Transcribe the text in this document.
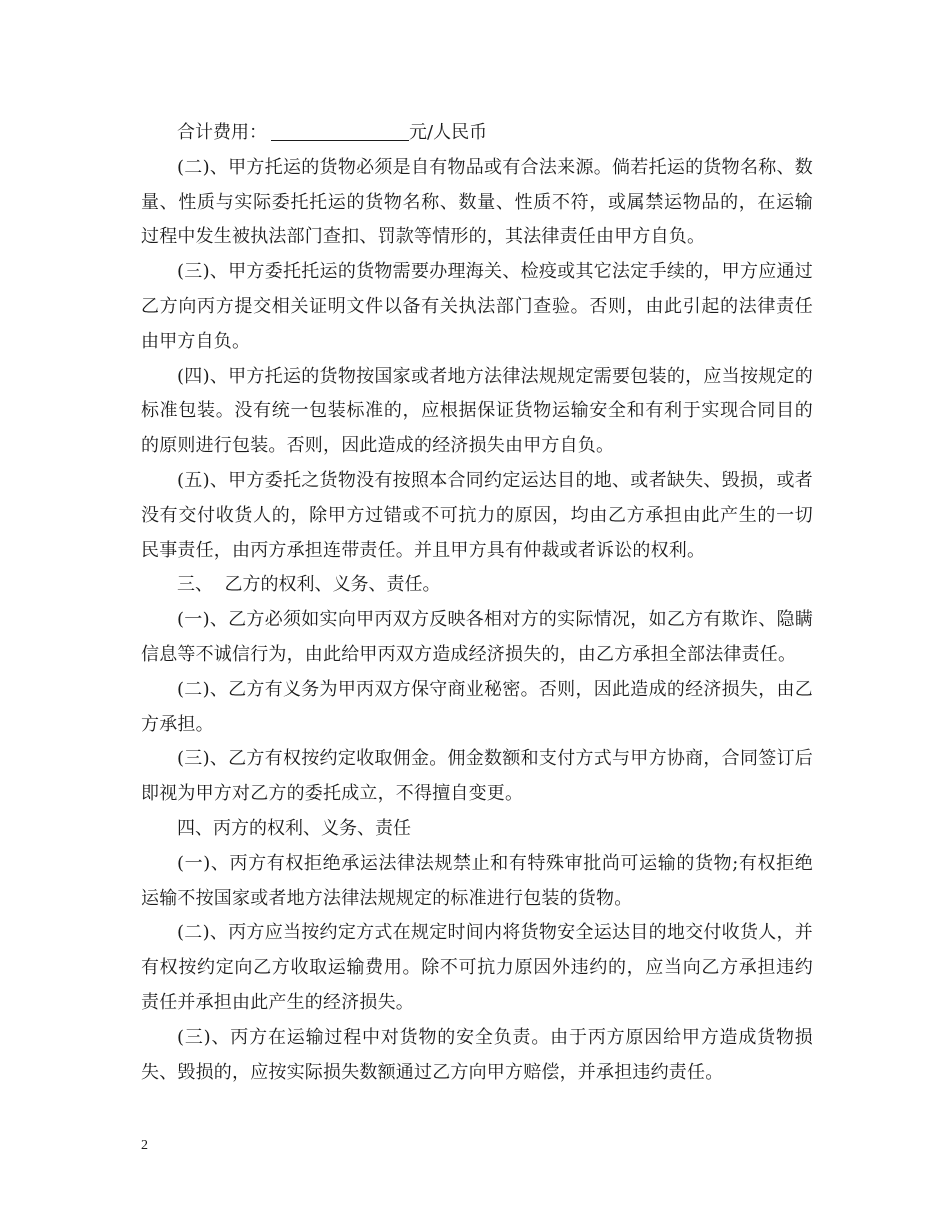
合计费用：	元/人民币

(二)、甲方托运的货物必须是自有物品或有合法来源。倘若托运的货物名称、数量、性质与实际委托托运的货物名称、数量、性质不符，或属禁运物品的，在运输过程中发生被执法部门查扣、罚款等情形的，其法律责任由甲方自负。

(三)、甲方委托托运的货物需要办理海关、检疫或其它法定手续的，甲方应通过乙方向丙方提交相关证明文件以备有关执法部门查验。否则，由此引起的法律责任由甲方自负。

(四)、甲方托运的货物按国家或者地方法律法规规定需要包装的，应当按规定的标准包装。没有统一包装标准的，应根据保证货物运输安全和有利于实现合同目的的原则进行包装。否则，因此造成的经济损失由甲方自负。

(五)、甲方委托之货物没有按照本合同约定运达目的地、或者缺失、毁损，或者没有交付收货人的，除甲方过错或不可抗力的原因，均由乙方承担由此产生的一切民事责任，由丙方承担连带责任。并且甲方具有仲裁或者诉讼的权利。

三、  乙方的权利、义务、责任。

(一)、乙方必须如实向甲丙双方反映各相对方的实际情况，如乙方有欺诈、隐瞒信息等不诚信行为，由此给甲丙双方造成经济损失的，由乙方承担全部法律责任。

(二)、乙方有义务为甲丙双方保守商业秘密。否则，因此造成的经济损失，由乙方承担。

(三)、乙方有权按约定收取佣金。佣金数额和支付方式与甲方协商，合同签订后即视为甲方对乙方的委托成立，不得擅自变更。

四、丙方的权利、义务、责任

(一)、丙方有权拒绝承运法律法规禁止和有特殊审批尚可运输的货物;有权拒绝运输不按国家或者地方法律法规规定的标准进行包装的货物。

(二)、丙方应当按约定方式在规定时间内将货物安全运达目的地交付收货人，并有权按约定向乙方收取运输费用。除不可抗力原因外违约的，应当向乙方承担违约责任并承担由此产生的经济损失。

(三)、丙方在运输过程中对货物的安全负责。由于丙方原因给甲方造成货物损失、毁损的，应按实际损失数额通过乙方向甲方赔偿，并承担违约责任。

2
